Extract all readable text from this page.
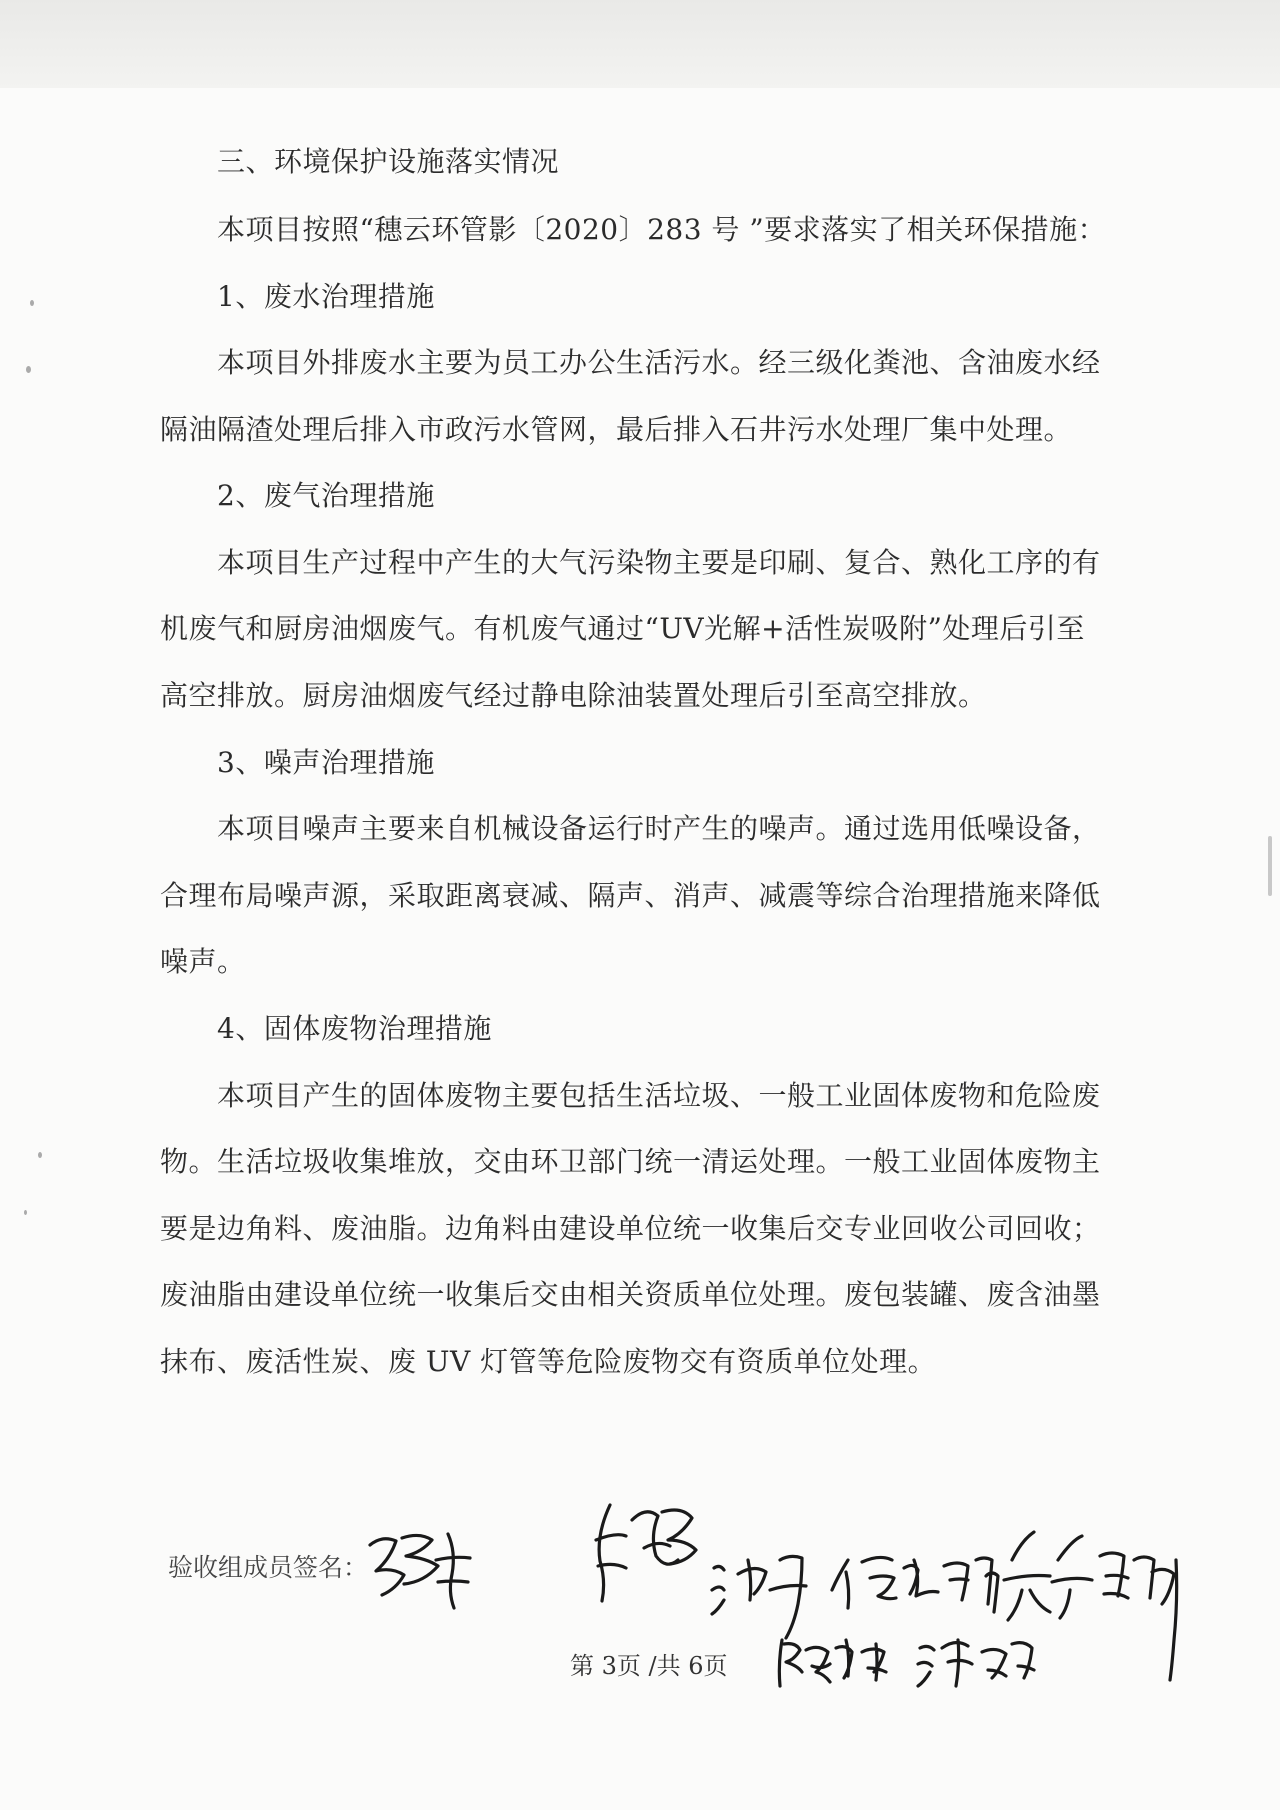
三、环境保护设施落实情况
本项目按照“穗云环管影〔2020〕283 号 ”要求落实了相关环保措施：
1、废水治理措施
本项目外排废水主要为员工办公生活污水。经三级化粪池、含油废水经
隔油隔渣处理后排入市政污水管网，最后排入石井污水处理厂集中处理。
2、废气治理措施
本项目生产过程中产生的大气污染物主要是印刷、复合、熟化工序的有
机废气和厨房油烟废气。有机废气通过“UV光解+活性炭吸附”处理后引至
高空排放。厨房油烟废气经过静电除油装置处理后引至高空排放。
3、噪声治理措施
本项目噪声主要来自机械设备运行时产生的噪声。通过选用低噪设备，
合理布局噪声源，采取距离衰减、隔声、消声、减震等综合治理措施来降低
噪声。
4、固体废物治理措施
本项目产生的固体废物主要包括生活垃圾、一般工业固体废物和危险废
物。生活垃圾收集堆放，交由环卫部门统一清运处理。一般工业固体废物主
要是边角料、废油脂。边角料由建设单位统一收集后交专业回收公司回收；
废油脂由建设单位统一收集后交由相关资质单位处理。废包装罐、废含油墨
抹布、废活性炭、废 UV 灯管等危险废物交有资质单位处理。
验收组成员签名：
第 3页 /共 6页
